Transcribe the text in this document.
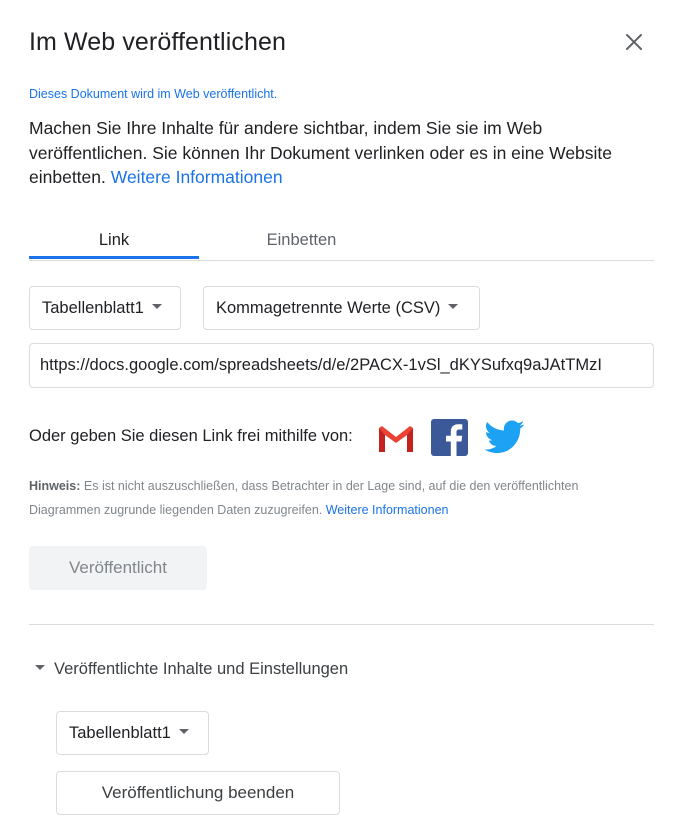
Im Web veröffentlichen
Dieses Dokument wird im Web veröffentlicht.
Machen Sie Ihre Inhalte für andere sichtbar, indem Sie sie im Web veröffentlichen. Sie können Ihr Dokument verlinken oder es in eine Website einbetten. Weitere Informationen
Link	Einbetten
Tabellenblatt1	Kommagetrennte Werte (CSV)
https://docs.google.com/spreadsheets/d/e/2PACX-1vSl_dKYSufxq9aJAtTMzI
Oder geben Sie diesen Link frei mithilfe von:
Hinweis: Es ist nicht auszuschließen, dass Betrachter in der Lage sind, auf die den veröffentlichten Diagrammen zugrunde liegenden Daten zuzugreifen. Weitere Informationen
Veröffentlicht
Veröffentlichte Inhalte und Einstellungen
Tabellenblatt1
Veröffentlichung beenden
